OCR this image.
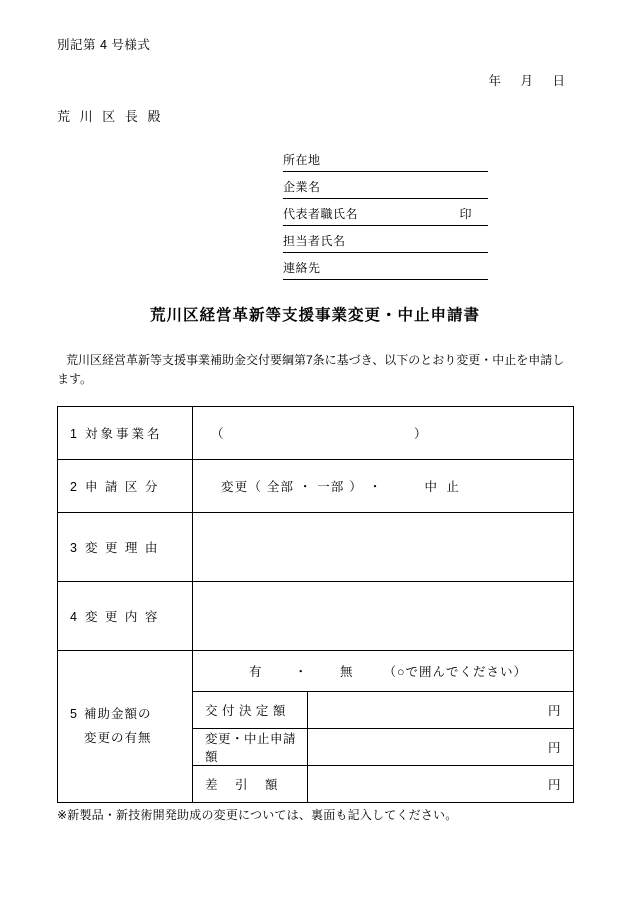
別記第 4 号様式
年 月 日
荒 川 区 長 殿
所在地
企業名
代表者職氏名	印
担当者氏名
連絡先
荒川区経営革新等支援事業変更・中止申請書
荒川区経営革新等支援事業補助金交付要綱第7条に基づき、以下のとおり変更・中止を申請します。
1 対象事業名	（ ）	
2 申 請 区 分	変更（ 全部 ・ 一部 ） ・ 中 止	
3 変 更 理 由		
4 変 更 内 容		
5 補助金額の
変更の有無	有 ・ 無 （○で囲んでください）	
	交 付 決 定 額	円
	変更・中止申請額	円
	差　 引　 額	円
※新製品・新技術開発助成の変更については、裏面も記入してください。
